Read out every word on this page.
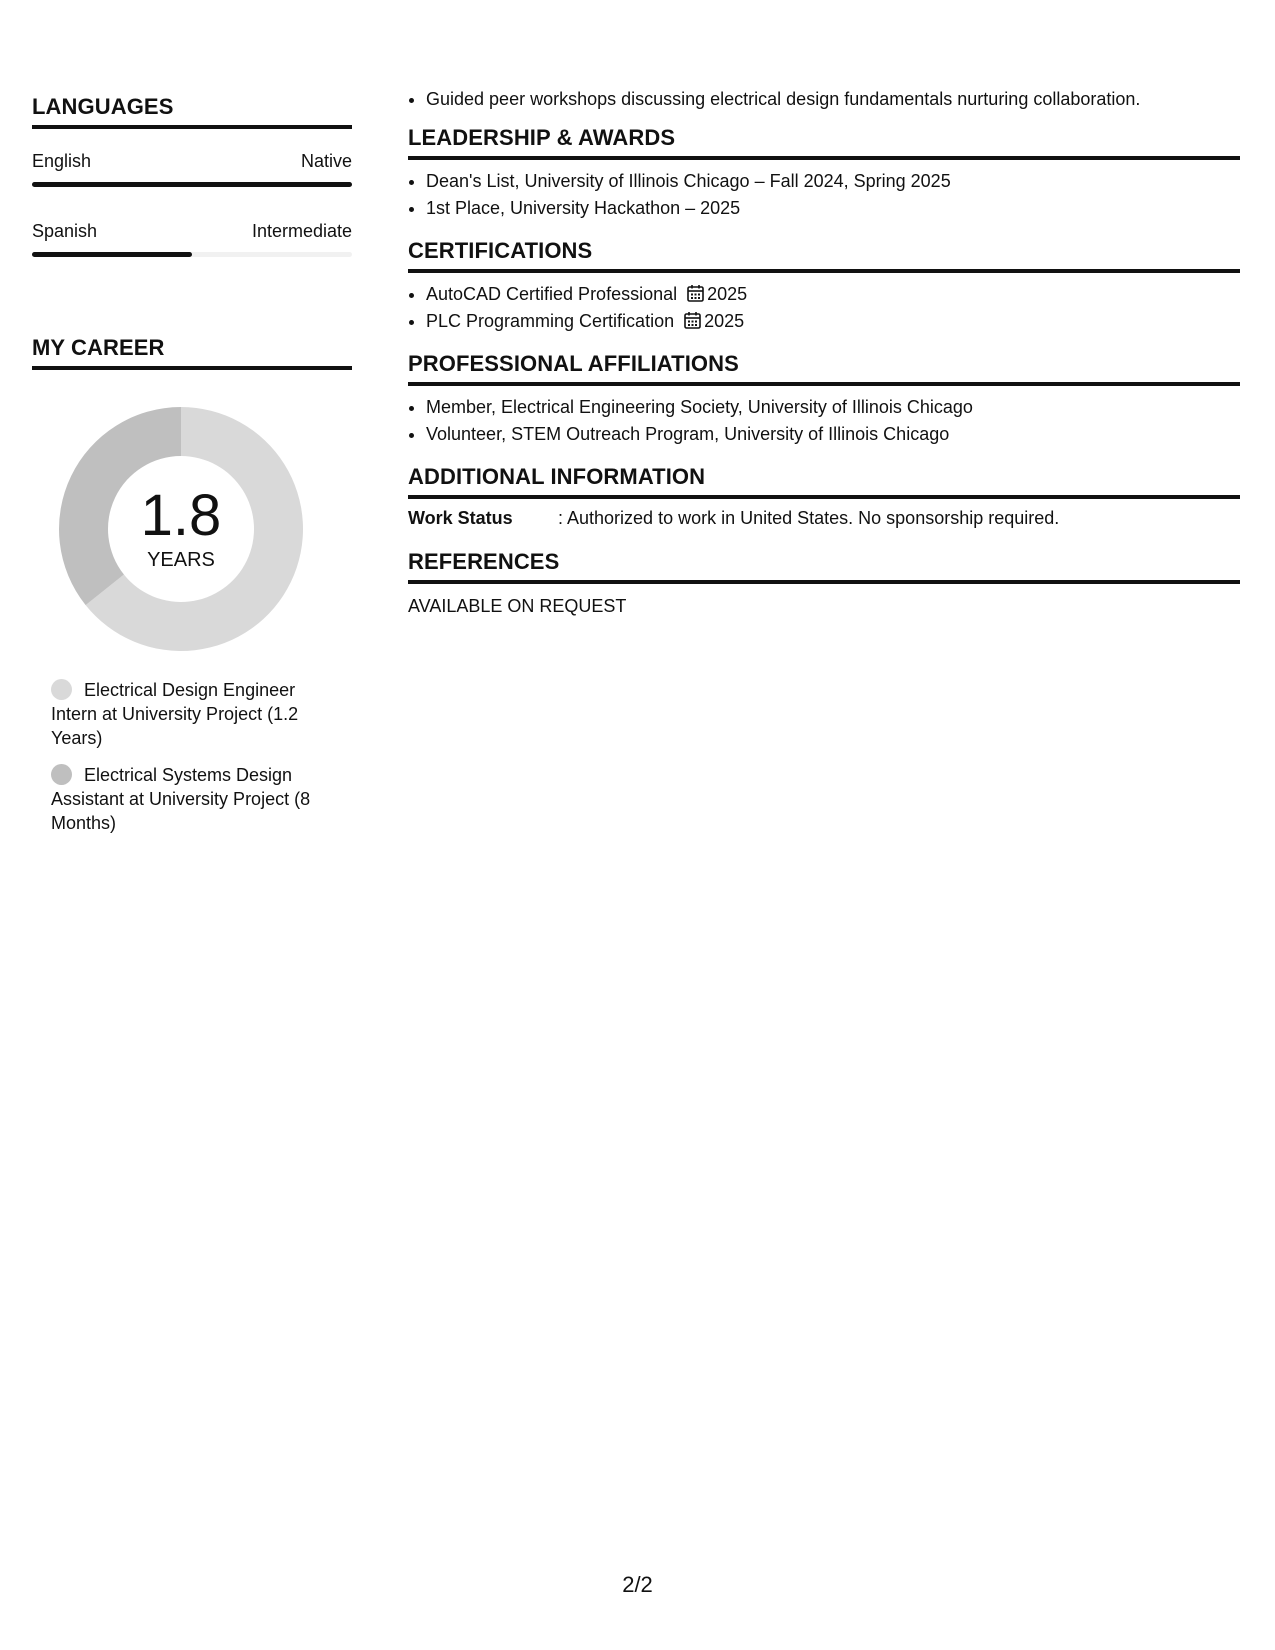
LANGUAGES
English	Native
Spanish	Intermediate
MY CAREER
1.8
YEARS
Electrical Design Engineer Intern at University Project (1.2 Years)
Electrical Systems Design Assistant at University Project (8 Months)
• Guided peer workshops discussing electrical design fundamentals nurturing collaboration.
LEADERSHIP & AWARDS
• Dean's List, University of Illinois Chicago – Fall 2024, Spring 2025
• 1st Place, University Hackathon – 2025
CERTIFICATIONS
• AutoCAD Certified Professional 2025
• PLC Programming Certification 2025
PROFESSIONAL AFFILIATIONS
• Member, Electrical Engineering Society, University of Illinois Chicago
• Volunteer, STEM Outreach Program, University of Illinois Chicago
ADDITIONAL INFORMATION
Work Status	: Authorized to work in United States. No sponsorship required.
REFERENCES
AVAILABLE ON REQUEST
2/2
